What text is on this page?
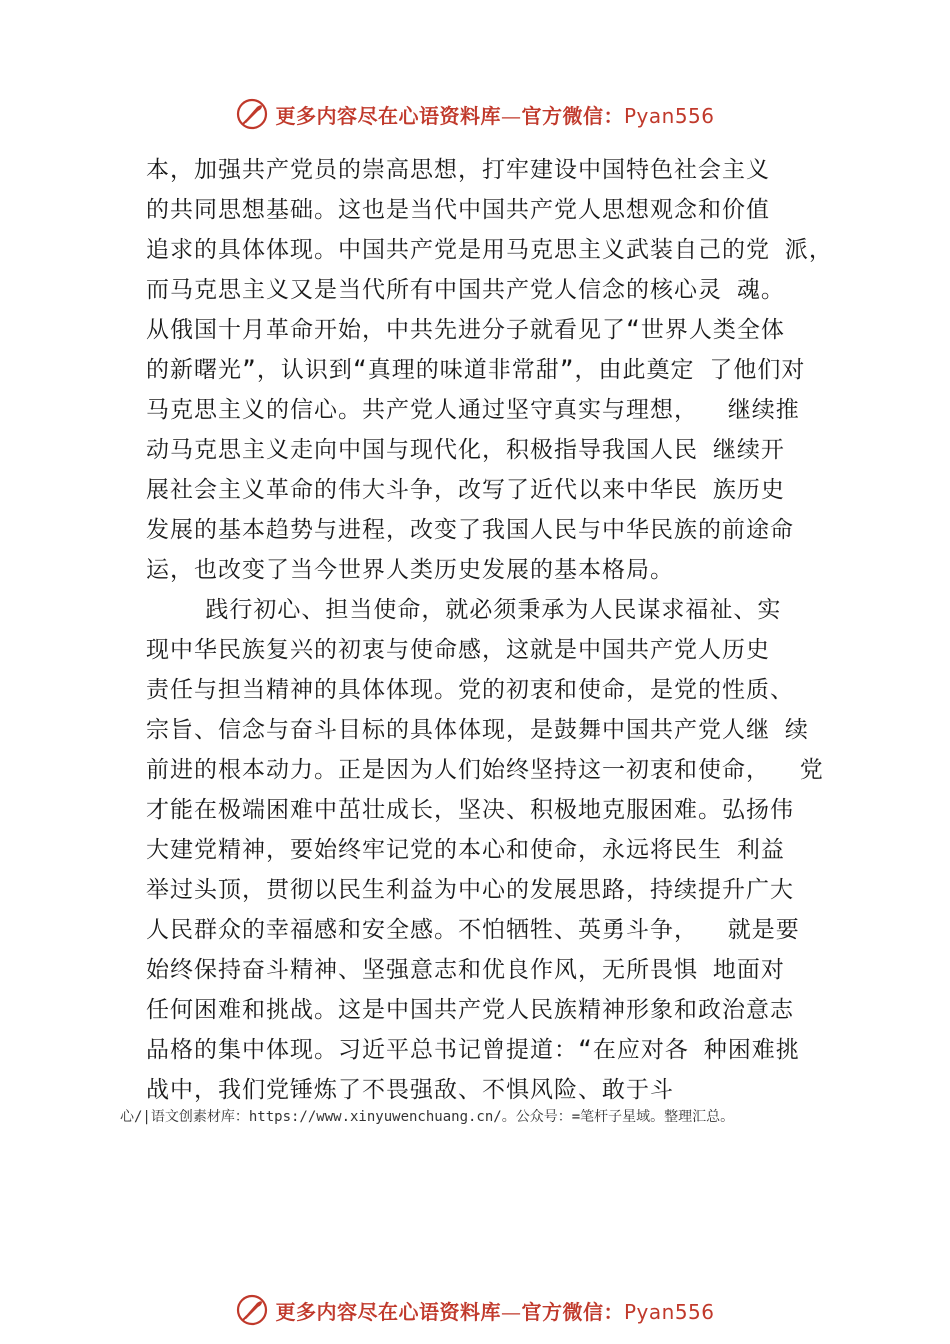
更多内容尽在心语资料库—官方微信：Pyan556
本，加强共产党员的崇高思想，打牢建设中国特色社会主义
的共同思想基础。这也是当代中国共产党人思想观念和价值
追求的具体体现。中国共产党是用马克思主义武装自己的党 派，
而马克思主义又是当代所有中国共产党人信念的核心灵 魂。
从俄国十月革命开始，中共先进分子就看见了“世界人类全体
的新曙光”，认识到“真理的味道非常甜”，由此奠定 了他们对
马克思主义的信心。共产党人通过坚守真实与理想，  继续推
动马克思主义走向中国与现代化，积极指导我国人民 继续开
展社会主义革命的伟大斗争，改写了近代以来中华民 族历史
发展的基本趋势与进程，改变了我国人民与中华民族的前途命
运，也改变了当今世界人类历史发展的基本格局。
践行初心、担当使命，就必须秉承为人民谋求福祉、实
现中华民族复兴的初衷与使命感，这就是中国共产党人历史
责任与担当精神的具体体现。党的初衷和使命，是党的性质、
宗旨、信念与奋斗目标的具体体现，是鼓舞中国共产党人继 续
前进的根本动力。正是因为人们始终坚持这一初衷和使命，  党
才能在极端困难中茁壮成长，坚决、积极地克服困难。弘扬伟
大建党精神，要始终牢记党的本心和使命，永远将民生 利益
举过头顶，贯彻以民生利益为中心的发展思路，持续提升广大
人民群众的幸福感和安全感。不怕牺牲、英勇斗争，  就是要
始终保持奋斗精神、坚强意志和优良作风，无所畏惧 地面对
任何困难和挑战。这是中国共产党人民族精神形象和政治意志
品格的集中体现。习近平总书记曾提道：“在应对各 种困难挑
战中，我们党锤炼了不畏强敌、不惧风险、敢于斗
心/|语文创素材库：https://www.xinyuwenchuang.cn/。公众号：=笔杆子星域。整理汇总。
更多内容尽在心语资料库—官方微信：Pyan556
